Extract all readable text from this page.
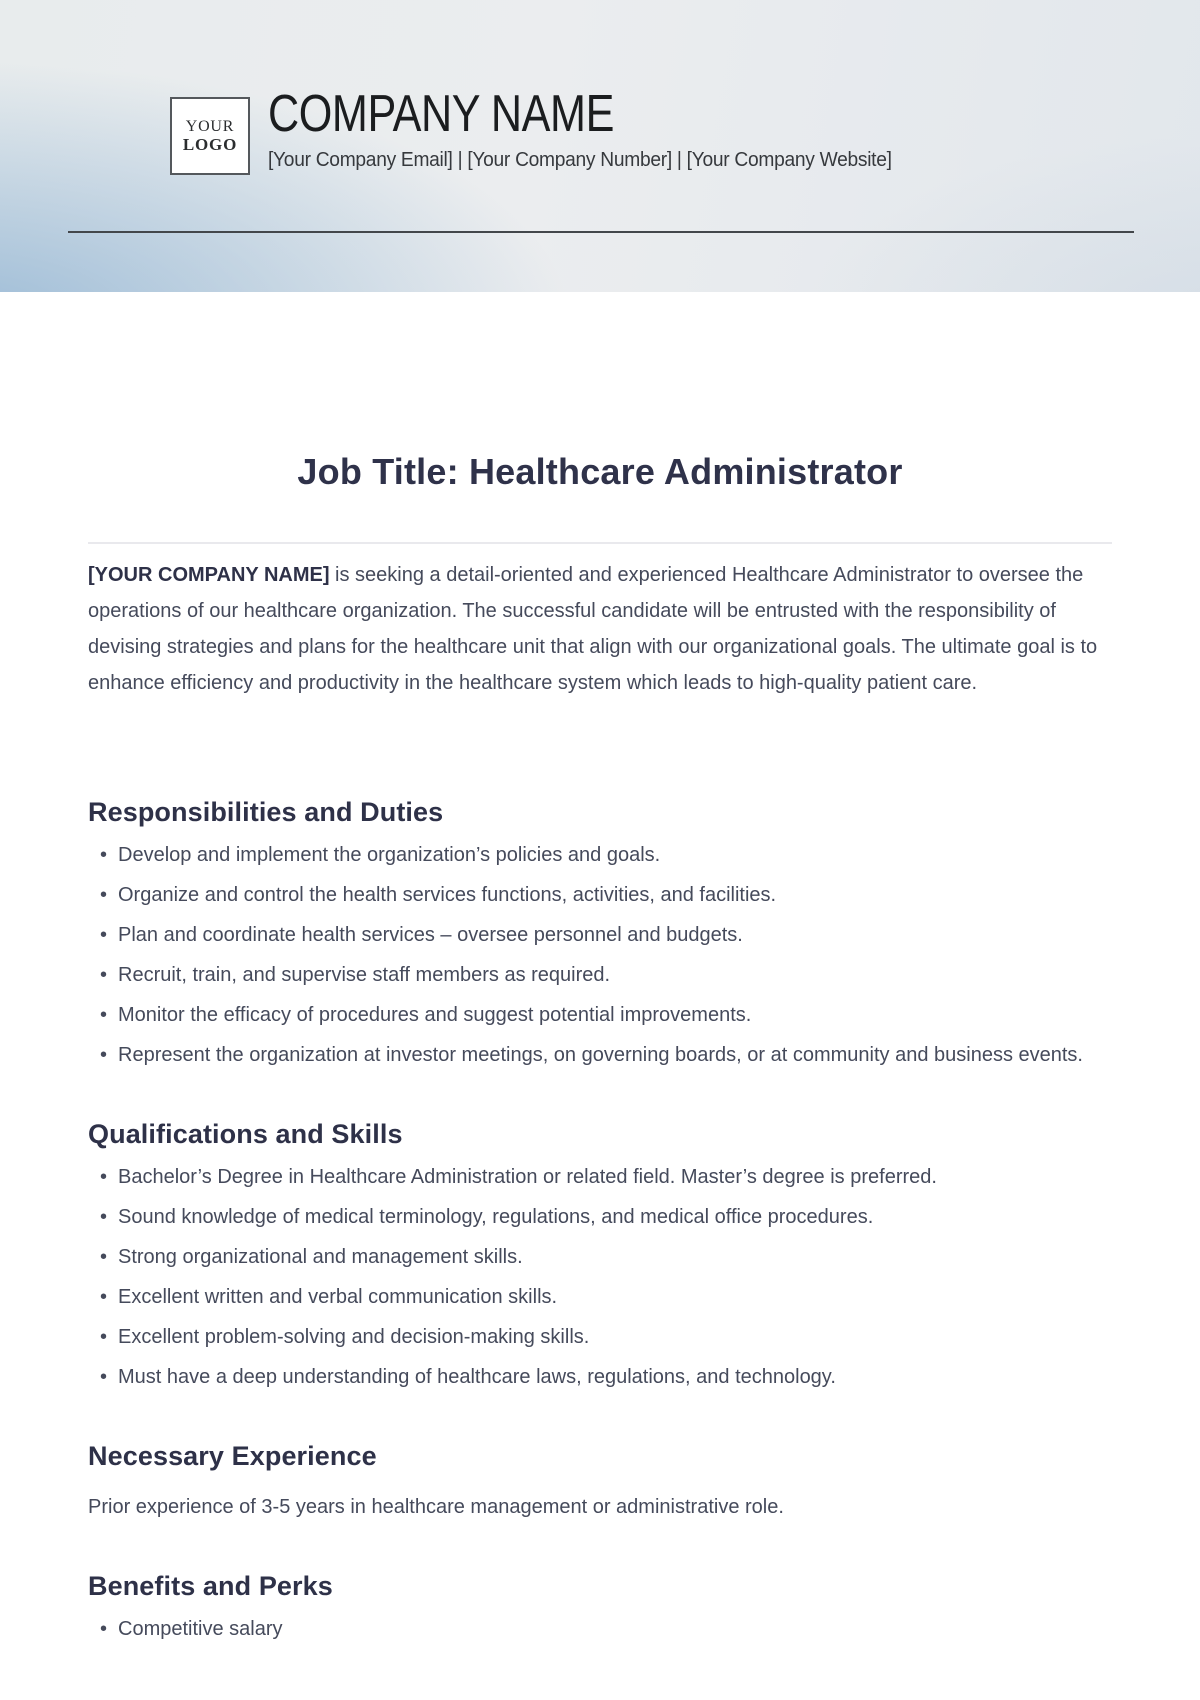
YOUR
LOGO
COMPANY NAME
[Your Company Email] | [Your Company Number] | [Your Company Website]
Job Title: Healthcare Administrator

[YOUR COMPANY NAME] is seeking a detail-oriented and experienced Healthcare Administrator to oversee the operations of our healthcare organization. The successful candidate will be entrusted with the responsibility of devising strategies and plans for the healthcare unit that align with our organizational goals. The ultimate goal is to enhance efficiency and productivity in the healthcare system which leads to high-quality patient care.

Responsibilities and Duties
• Develop and implement the organization’s policies and goals.
• Organize and control the health services functions, activities, and facilities.
• Plan and coordinate health services – oversee personnel and budgets.
• Recruit, train, and supervise staff members as required.
• Monitor the efficacy of procedures and suggest potential improvements.
• Represent the organization at investor meetings, on governing boards, or at community and business events.
Qualifications and Skills
• Bachelor’s Degree in Healthcare Administration or related field. Master’s degree is preferred.
• Sound knowledge of medical terminology, regulations, and medical office procedures.
• Strong organizational and management skills.
• Excellent written and verbal communication skills.
• Excellent problem-solving and decision-making skills.
• Must have a deep understanding of healthcare laws, regulations, and technology.
Necessary Experience

Prior experience of 3-5 years in healthcare management or administrative role.

Benefits and Perks
• Competitive salary
